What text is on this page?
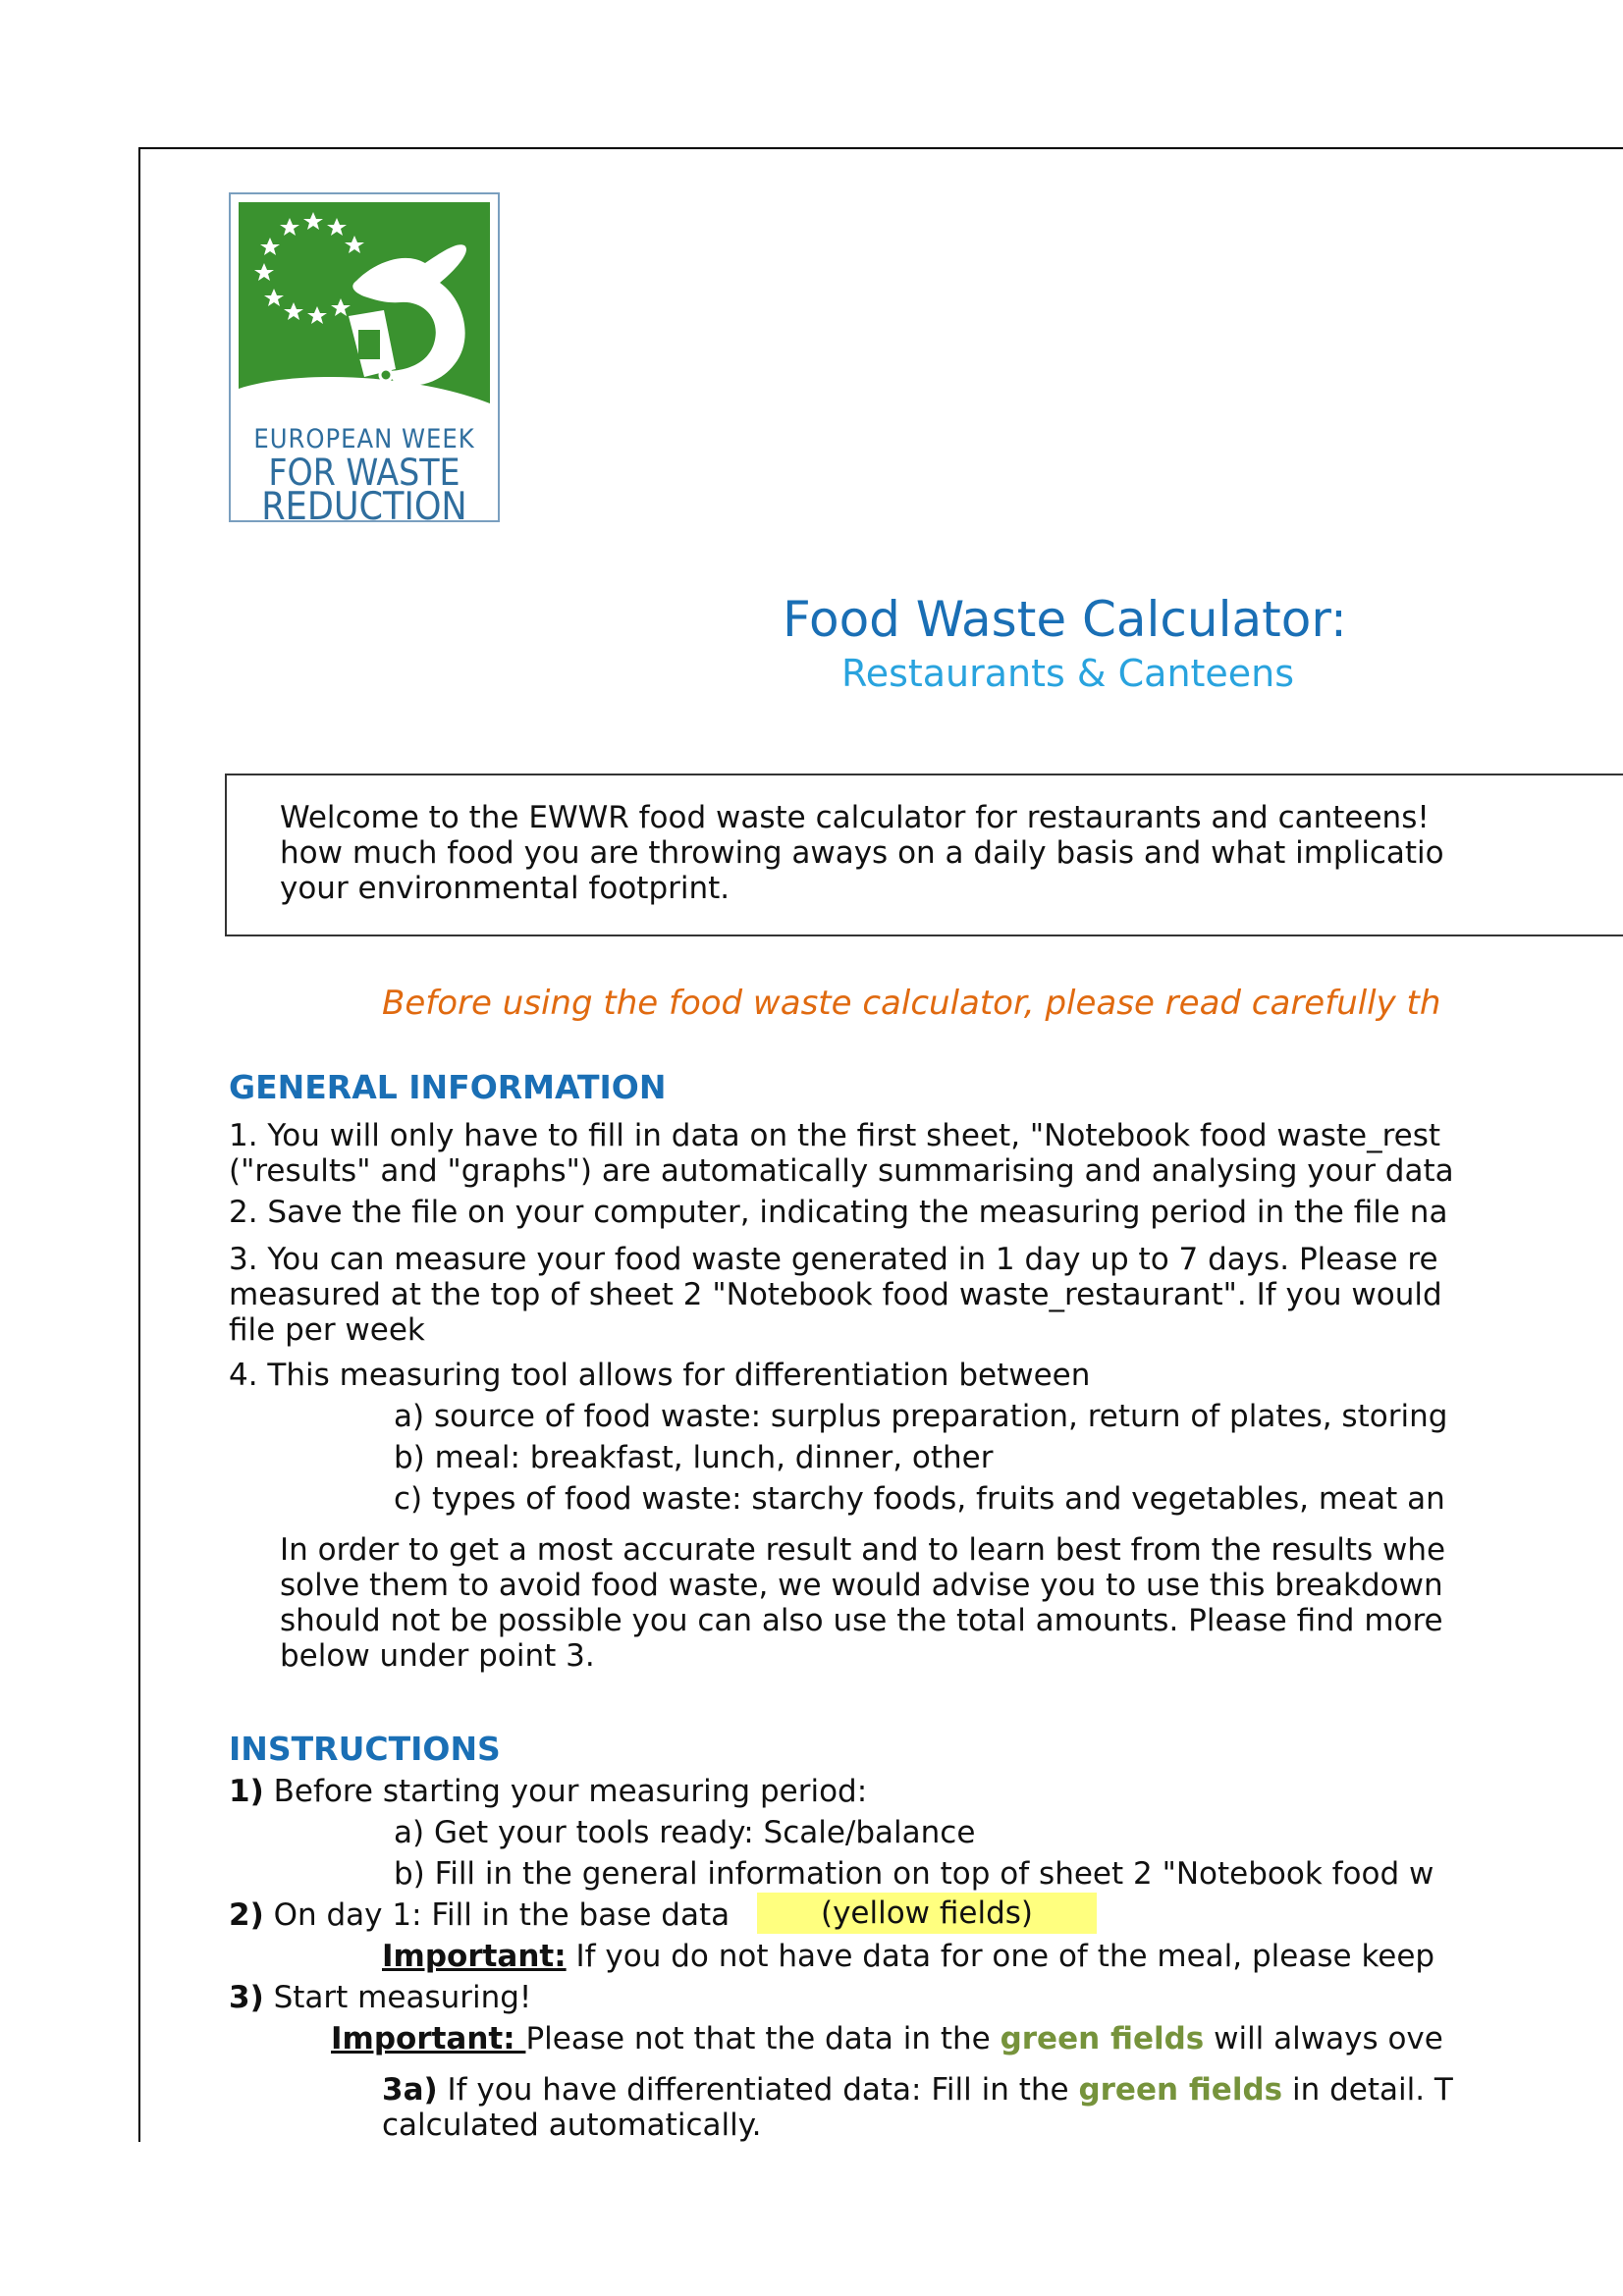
EUROPEAN WEEK
FOR WASTE
REDUCTION
Food Waste Calculator:
Restaurants & Canteens
Welcome to the EWWR food waste calculator for restaurants and canteens!
how much food you are throwing aways on a daily basis and what implicatio
your environmental footprint.
Before using the food waste calculator, please read carefully th
GENERAL INFORMATION
1. You will only have to fill in data on the first sheet, "Notebook food waste_rest
("results" and "graphs") are automatically summarising and analysing your data
2. Save the file on your computer, indicating the measuring period in the file na
3. You can measure your food waste generated in 1 day up to 7 days. Please re
measured at the top of sheet 2 "Notebook food waste_restaurant". If you would
file per week
4. This measuring tool allows for differentiation between
a) source of food waste: surplus preparation, return of plates, storing
b) meal: breakfast, lunch, dinner, other
c) types of food waste: starchy foods, fruits and vegetables, meat an
In order to get a most accurate result and to learn best from the results whe
solve them to avoid food waste, we would advise you to use this breakdown
should not be possible you can also use the total amounts. Please find more
below under point 3.
INSTRUCTIONS
1) Before starting your measuring period:
a) Get your tools ready: Scale/balance
b) Fill in the general information on top of sheet 2 "Notebook food w
2) On day 1: Fill in the base data	(yellow fields)
Important: If you do not have data for one of the meal, please keep
3) Start measuring!
Important: Please not that the data in the green fields will always ove
3a) If you have differentiated data: Fill in the green fields in detail. T
calculated automatically.
